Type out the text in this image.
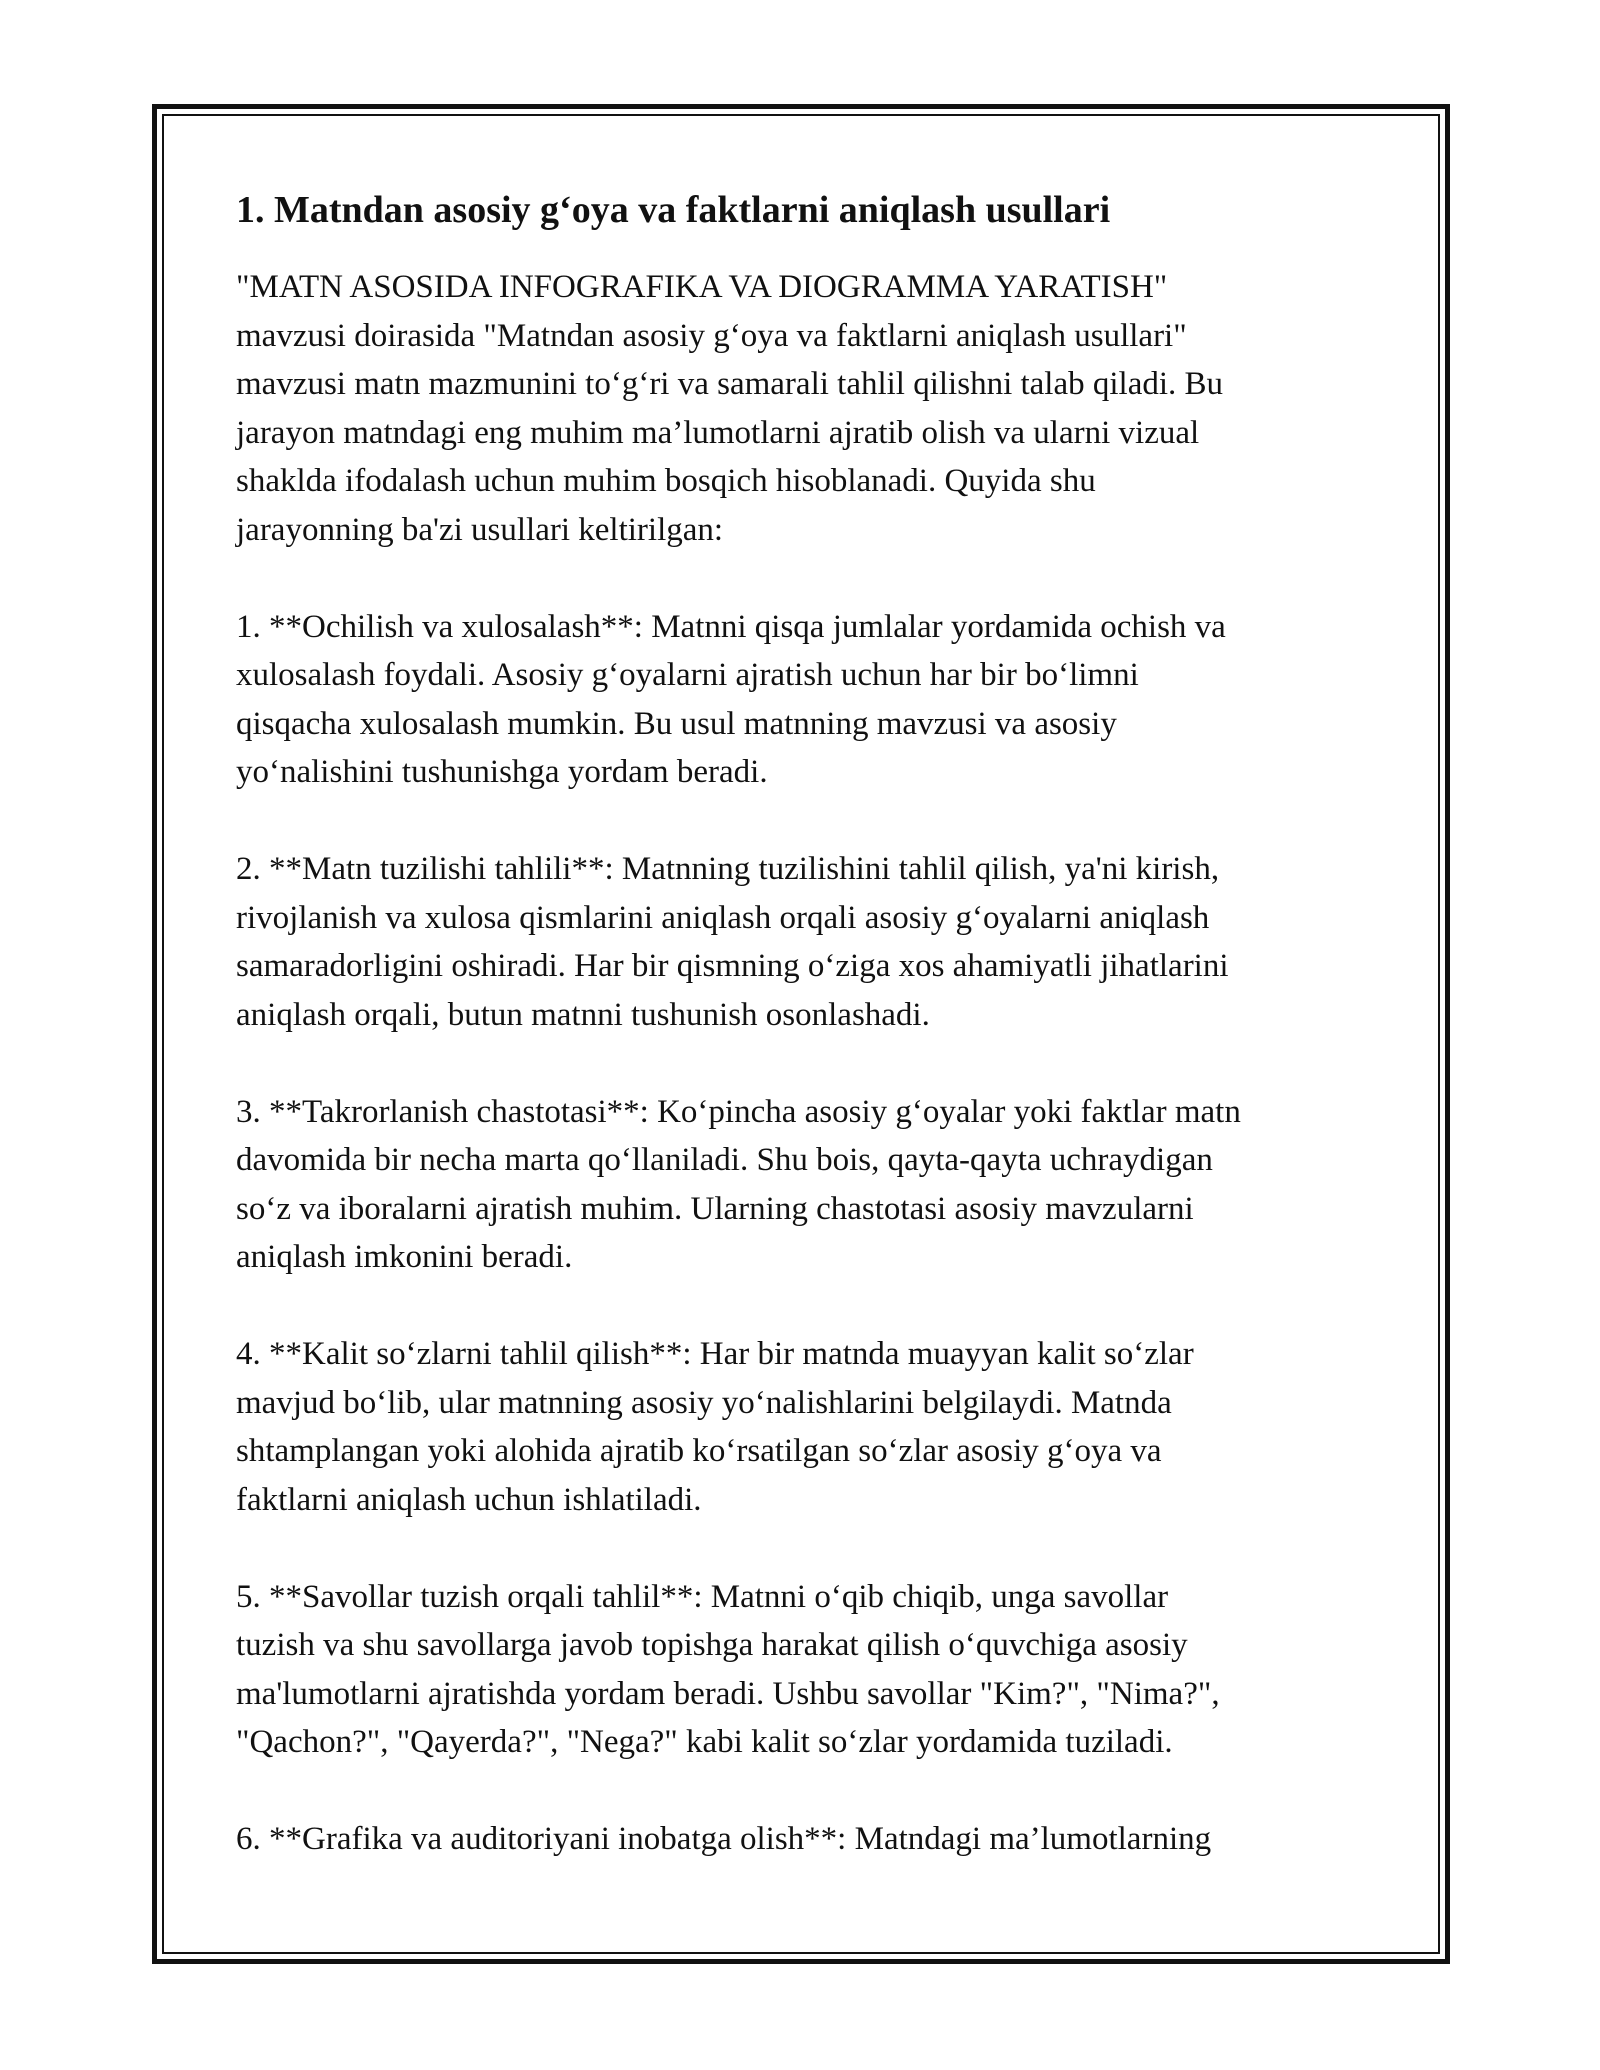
1. Matndan asosiy g‘oya va faktlarni aniqlash usullari

"MATN ASOSIDA INFOGRAFIKA VA DIOGRAMMA YARATISH"
mavzusi doirasida "Matndan asosiy g‘oya va faktlarni aniqlash usullari"
mavzusi matn mazmunini to‘g‘ri va samarali tahlil qilishni talab qiladi. Bu
jarayon matndagi eng muhim ma’lumotlarni ajratib olish va ularni vizual
shaklda ifodalash uchun muhim bosqich hisoblanadi. Quyida shu
jarayonning ba'zi usullari keltirilgan:

1. **Ochilish va xulosalash**: Matnni qisqa jumlalar yordamida ochish va
xulosalash foydali. Asosiy g‘oyalarni ajratish uchun har bir bo‘limni
qisqacha xulosalash mumkin. Bu usul matnning mavzusi va asosiy
yo‘nalishini tushunishga yordam beradi.

2. **Matn tuzilishi tahlili**: Matnning tuzilishini tahlil qilish, ya'ni kirish,
rivojlanish va xulosa qismlarini aniqlash orqali asosiy g‘oyalarni aniqlash
samaradorligini oshiradi. Har bir qismning o‘ziga xos ahamiyatli jihatlarini
aniqlash orqali, butun matnni tushunish osonlashadi.

3. **Takrorlanish chastotasi**: Ko‘pincha asosiy g‘oyalar yoki faktlar matn
davomida bir necha marta qo‘llaniladi. Shu bois, qayta-qayta uchraydigan
so‘z va iboralarni ajratish muhim. Ularning chastotasi asosiy mavzularni
aniqlash imkonini beradi.

4. **Kalit so‘zlarni tahlil qilish**: Har bir matnda muayyan kalit so‘zlar
mavjud bo‘lib, ular matnning asosiy yo‘nalishlarini belgilaydi. Matnda
shtamplangan yoki alohida ajratib ko‘rsatilgan so‘zlar asosiy g‘oya va
faktlarni aniqlash uchun ishlatiladi.

5. **Savollar tuzish orqali tahlil**: Matnni o‘qib chiqib, unga savollar
tuzish va shu savollarga javob topishga harakat qilish o‘quvchiga asosiy
ma'lumotlarni ajratishda yordam beradi. Ushbu savollar "Kim?", "Nima?",
"Qachon?", "Qayerda?", "Nega?" kabi kalit so‘zlar yordamida tuziladi.

6. **Grafika va auditoriyani inobatga olish**: Matndagi ma’lumotlarning
